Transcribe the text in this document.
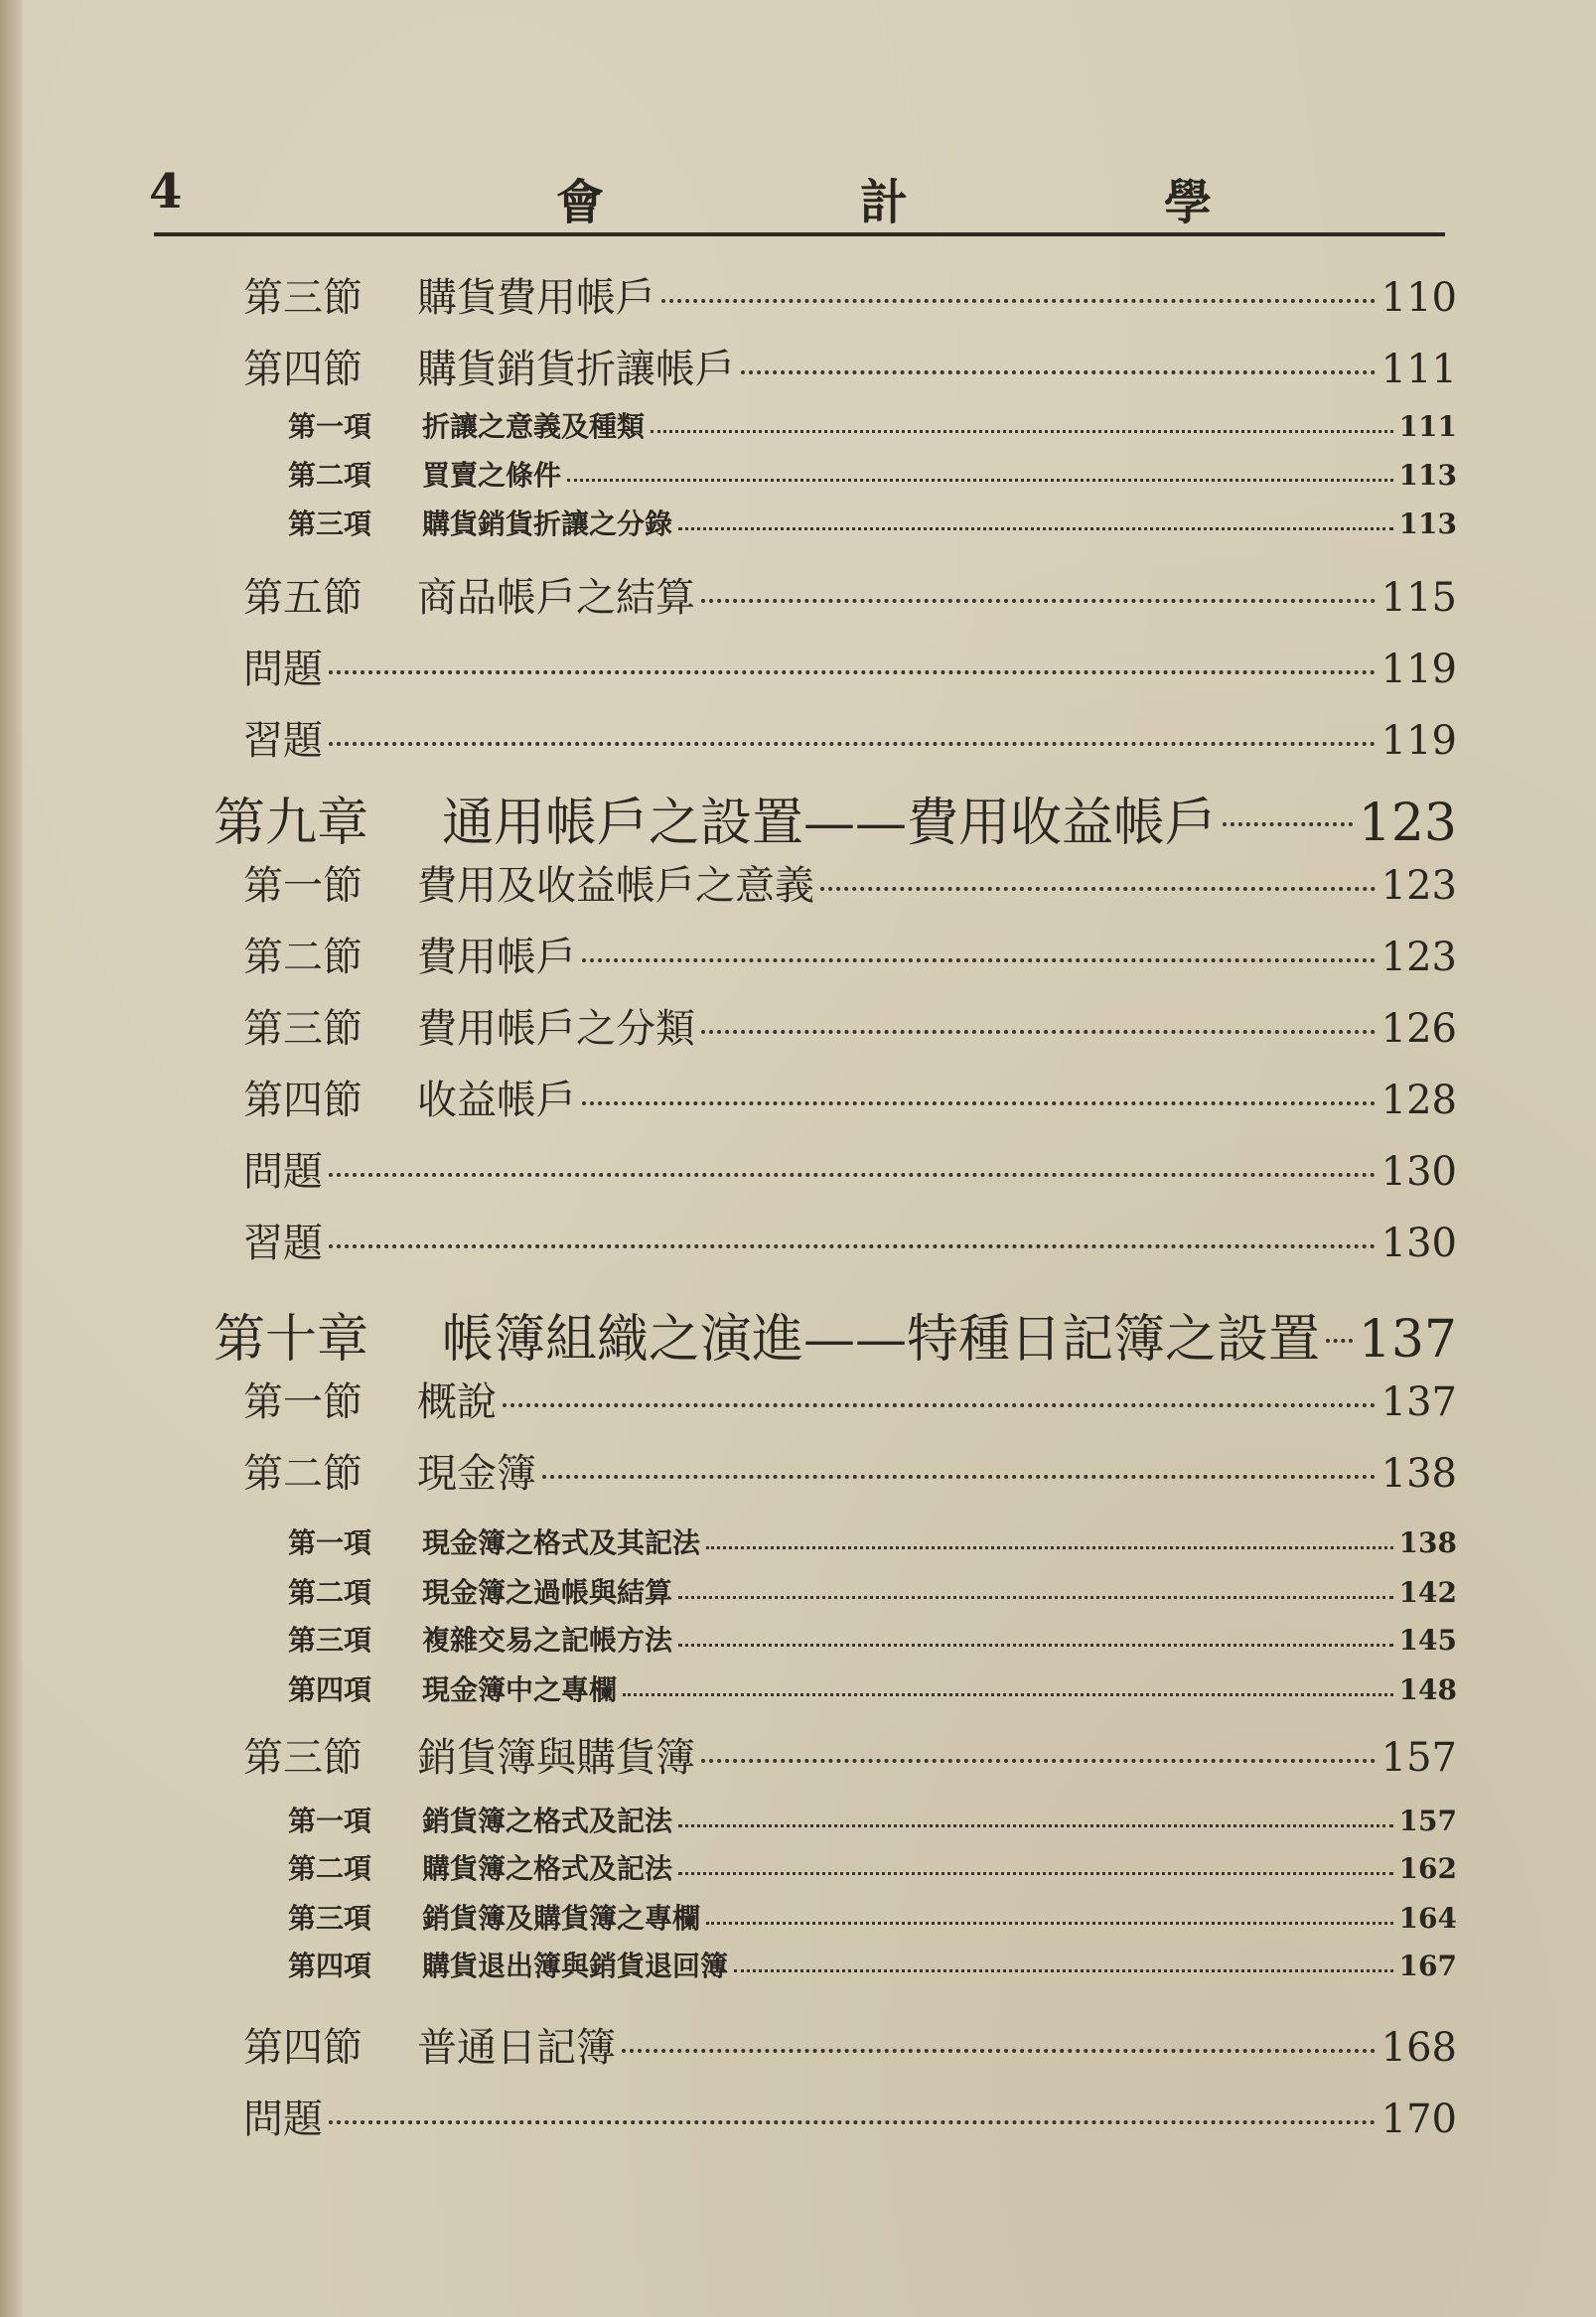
4	會	計	學
第三節	購貨費用帳戶	110
第四節	購貨銷貨折讓帳戶	111
第一項	折讓之意義及種類	111
第二項	買賣之條件	113
第三項	購貨銷貨折讓之分錄	113
第五節	商品帳戶之結算	115
問題	119
習題	119
第九章	通用帳戶之設置——費用收益帳戶	123
第一節	費用及收益帳戶之意義	123
第二節	費用帳戶	123
第三節	費用帳戶之分類	126
第四節	收益帳戶	128
問題	130
習題	130
第十章	帳簿組織之演進——特種日記簿之設置 137
第一節	概說	137
第二節	現金簿	138
第一項	現金簿之格式及其記法	138
第二項	現金簿之過帳與結算	142
第三項	複雜交易之記帳方法	145
第四項	現金簿中之專欄	148
第三節	銷貨簿與購貨簿	157
第一項	銷貨簿之格式及記法	157
第二項	購貨簿之格式及記法	162
第三項	銷貨簿及購貨簿之專欄	164
第四項	購貨退出簿與銷貨退回簿	167
第四節	普通日記簿	168
問題	170
